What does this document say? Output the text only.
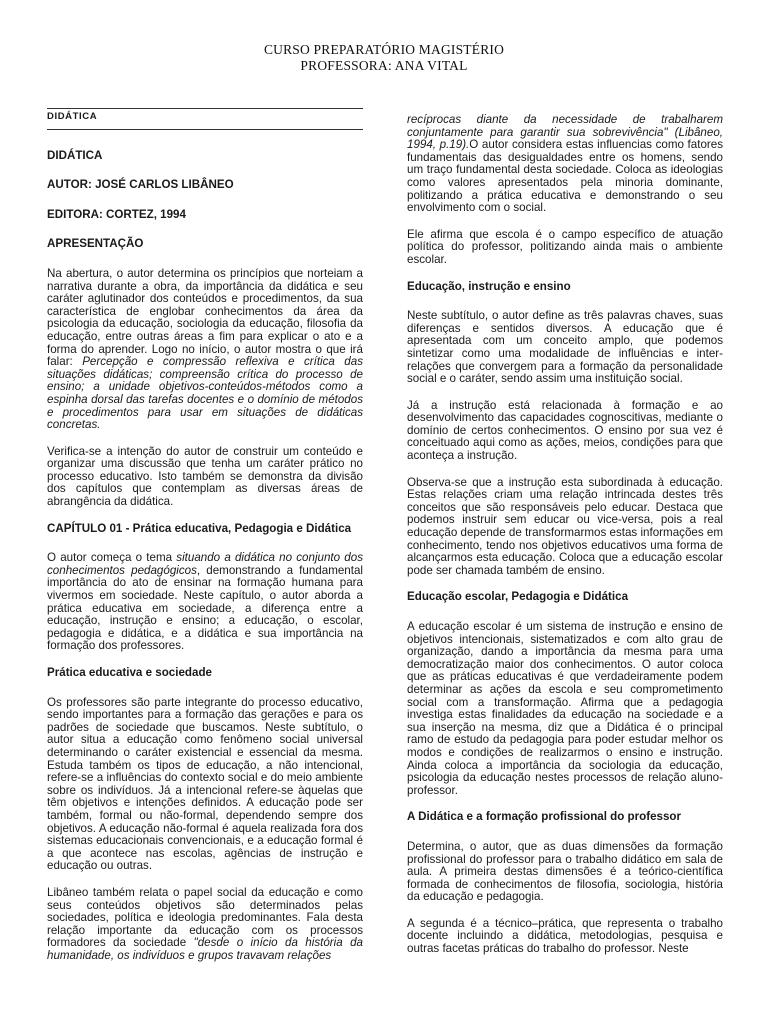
CURSO PREPARATÓRIO MAGISTÉRIO
PROFESSORA: ANA VITAL
DIDÁTICA
DIDÁTICA
AUTOR: JOSÉ CARLOS LIBÂNEO
EDITORA: CORTEZ, 1994
APRESENTAÇÃO

Na abertura, o autor determina os princípios que norteiam a narrativa durante a obra, da importância da didática e seu caráter aglutinador dos conteúdos e procedimentos, da sua característica de englobar conhecimentos da área da psicologia da educação, sociologia da educação, filosofia da educação, entre outras áreas a fim para explicar o ato e a forma do aprender. Logo no início, o autor mostra o que irá falar: Percepção e compressão reflexiva e crítica das situações didáticas; compreensão crítica do processo de ensino; a unidade objetivos-conteúdos-métodos como a espinha dorsal das tarefas docentes e o domínio de métodos e procedimentos para usar em situações de didáticas concretas.

Verifica-se a intenção do autor de construir um conteúdo e organizar uma discussão que tenha um caráter prático no processo educativo. Isto também se demonstra da divisão dos capítulos que contemplam as diversas áreas de abrangência da didática.

CAPÍTULO 01 - Prática educativa, Pedagogia e Didática

O autor começa o tema situando a didática no conjunto dos conhecimentos pedagógicos, demonstrando a fundamental importância do ato de ensinar na formação humana para vivermos em sociedade. Neste capítulo, o autor aborda a prática educativa em sociedade, a diferença entre a educação, instrução e ensino; a educação, o escolar, pedagogia e didática, e a didática e sua importância na formação dos professores.

Prática educativa e sociedade

Os professores são parte integrante do processo educativo, sendo importantes para a formação das gerações e para os padrões de sociedade que buscamos. Neste subtítulo, o autor situa a educação como fenômeno social universal determinando o caráter existencial e essencial da mesma. Estuda também os tipos de educação, a não intencional, refere-se a influências do contexto social e do meio ambiente sobre os indivíduos. Já a intencional refere-se àquelas que têm objetivos e intenções definidos. A educação pode ser também, formal ou não-formal, dependendo sempre dos objetivos. A educação não-formal é aquela realizada fora dos sistemas educacionais convencionais, e a educação formal é a que acontece nas escolas, agências de instrução e educação ou outras.

Libâneo também relata o papel social da educação e como seus conteúdos objetivos são determinados pelas sociedades, política e ideologia predominantes. Fala desta relação importante da educação com os processos formadores da sociedade "desde o início da história da humanidade, os indivíduos e grupos travavam relações

recíprocas diante da necessidade de trabalharem conjuntamente para garantir sua sobrevivência" (Libâneo, 1994, p.19).O autor considera estas influencias como fatores fundamentais das desigualdades entre os homens, sendo um traço fundamental desta sociedade. Coloca as ideologias como valores apresentados pela minoria dominante, politizando a prática educativa e demonstrando o seu envolvimento com o social.

Ele afirma que escola é o campo específico de atuação política do professor, politizando ainda mais o ambiente escolar.

Educação, instrução e ensino

Neste subtítulo, o autor define as três palavras chaves, suas diferenças e sentidos diversos. A educação que é apresentada com um conceito amplo, que podemos sintetizar como uma modalidade de influências e inter-relações que convergem para a formação da personalidade social e o caráter, sendo assim uma instituição social.

Já a instrução está relacionada à formação e ao desenvolvimento das capacidades cognoscitivas, mediante o domínio de certos conhecimentos. O ensino por sua vez é conceituado aqui como as ações, meios, condições para que aconteça a instrução.

Observa-se que a instrução esta subordinada à educação. Estas relações criam uma relação intrincada destes três conceitos que são responsáveis pelo educar. Destaca que podemos instruir sem educar ou vice-versa, pois a real educação depende de transformarmos estas informações em conhecimento, tendo nos objetivos educativos uma forma de alcançarmos esta educação. Coloca que a educação escolar pode ser chamada também de ensino.

Educação escolar, Pedagogia e Didática

A educação escolar é um sistema de instrução e ensino de objetivos intencionais, sistematizados e com alto grau de organização, dando a importância da mesma para uma democratização maior dos conhecimentos. O autor coloca que as práticas educativas é que verdadeiramente podem determinar as ações da escola e seu comprometimento social com a transformação. Afirma que a pedagogia investiga estas finalidades da educação na sociedade e a sua inserção na mesma, diz que a Didática é o principal ramo de estudo da pedagogia para poder estudar melhor os modos e condições de realizarmos o ensino e instrução. Ainda coloca a importância da sociologia da educação, psicologia da educação nestes processos de relação aluno-professor.

A Didática e a formação profissional do professor

Determina, o autor, que as duas dimensões da formação profissional do professor para o trabalho didático em sala de aula. A primeira destas dimensões é a teórico-científica formada de conhecimentos de filosofia, sociologia, história da educação e pedagogia.

A segunda é a técnico–prática, que representa o trabalho docente incluindo a didática, metodologias, pesquisa e outras facetas práticas do trabalho do professor. Neste
